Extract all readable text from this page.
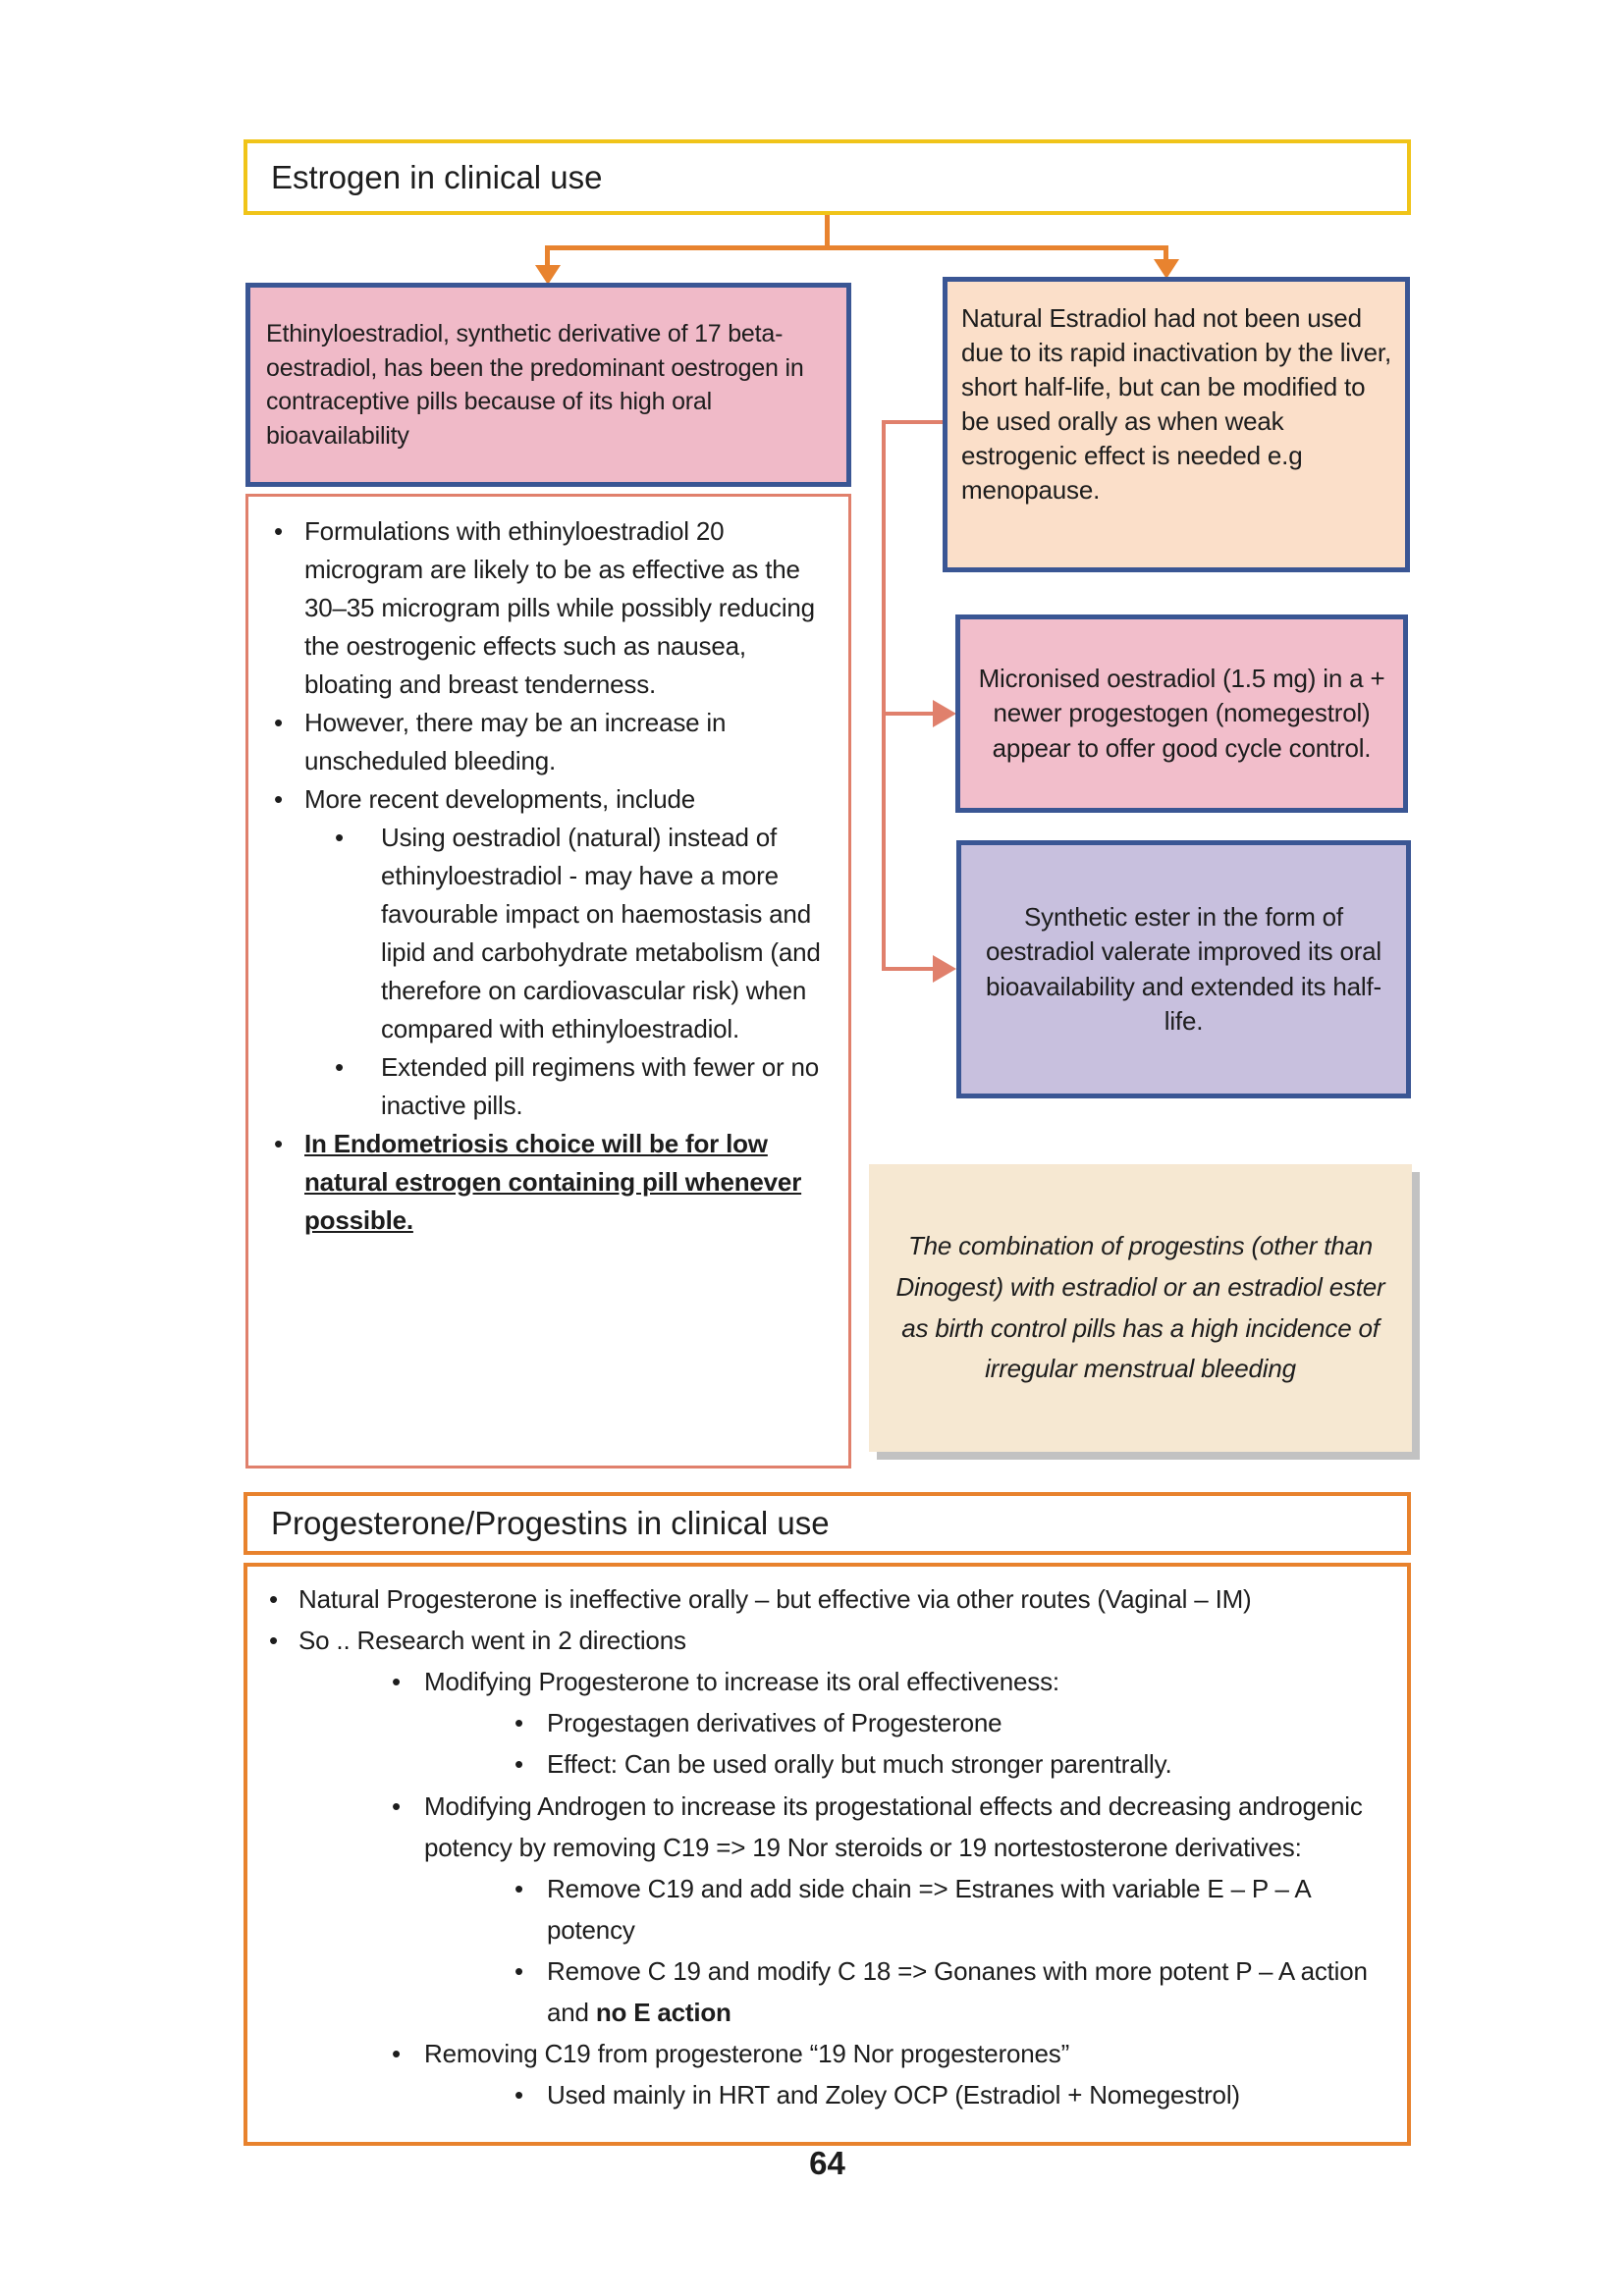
Estrogen in clinical use
Ethinyloestradiol, synthetic derivative of 17 beta-oestradiol, has been the predominant oestrogen in contraceptive pills because of its high oral bioavailability
• Formulations with ethinyloestradiol 20 microgram are likely to be as effective as the 30–35 microgram pills while possibly reducing the oestrogenic effects such as nausea, bloating and breast tenderness.
• However, there may be an increase in unscheduled bleeding.
• More recent developments, include
•	Using oestradiol (natural) instead of ethinyloestradiol - may have a more favourable impact on haemostasis and lipid and carbohydrate metabolism (and therefore on cardiovascular risk) when compared with ethinyloestradiol.
•	Extended pill regimens with fewer or no inactive pills.
• In Endometriosis choice will be for low natural estrogen containing pill whenever possible.
Natural Estradiol had not been used due to its rapid inactivation by the liver, short half-life, but can be modified to be used orally as when weak estrogenic effect is needed e.g menopause.
Micronised oestradiol (1.5 mg) in a + newer progestogen (nomegestrol) appear to offer good cycle control.
Synthetic ester in the form of oestradiol valerate improved its oral bioavailability and extended its half-life.
The combination of progestins (other than Dinogest) with estradiol or an estradiol ester as birth control pills has a high incidence of irregular menstrual bleeding
Progesterone/Progestins in clinical use
• Natural Progesterone is ineffective orally – but effective via other routes (Vaginal – IM)
• So .. Research went in 2 directions
• Modifying Progesterone to increase its oral effectiveness:
• Progestagen derivatives of Progesterone
• Effect: Can be used orally but much stronger parentrally.
• Modifying Androgen to increase its progestational effects and decreasing androgenic potency by removing C19 => 19 Nor steroids or 19 nortestosterone derivatives:
• Remove C19 and add side chain => Estranes with variable E – P – A potency
• Remove C 19 and modify C 18 => Gonanes with more potent P – A action and no E action
• Removing C19 from progesterone “19 Nor progesterones”
• Used mainly in HRT and Zoley OCP (Estradiol + Nomegestrol)
64
